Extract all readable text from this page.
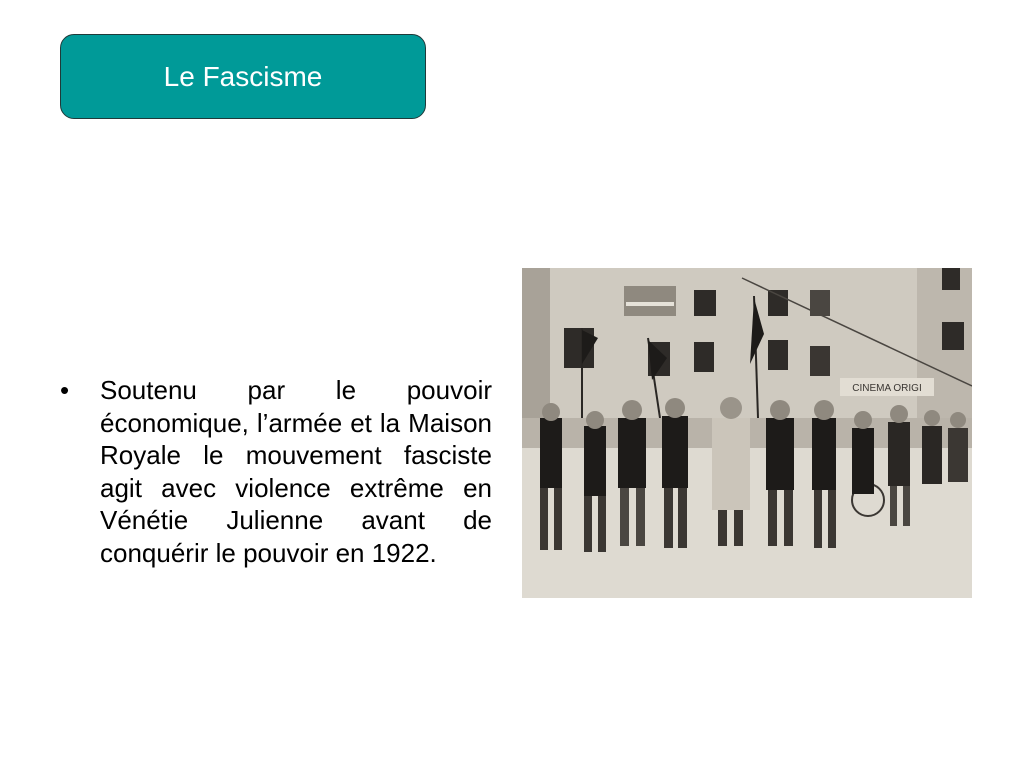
Le Fascisme
•	Soutenu par le pouvoir économique, l’armée et la Maison Royale le mouvement fasciste agit avec violence extrême en Vénétie Julienne avant de conquérir le pouvoir en 1922.
CINEMA ORIGI
